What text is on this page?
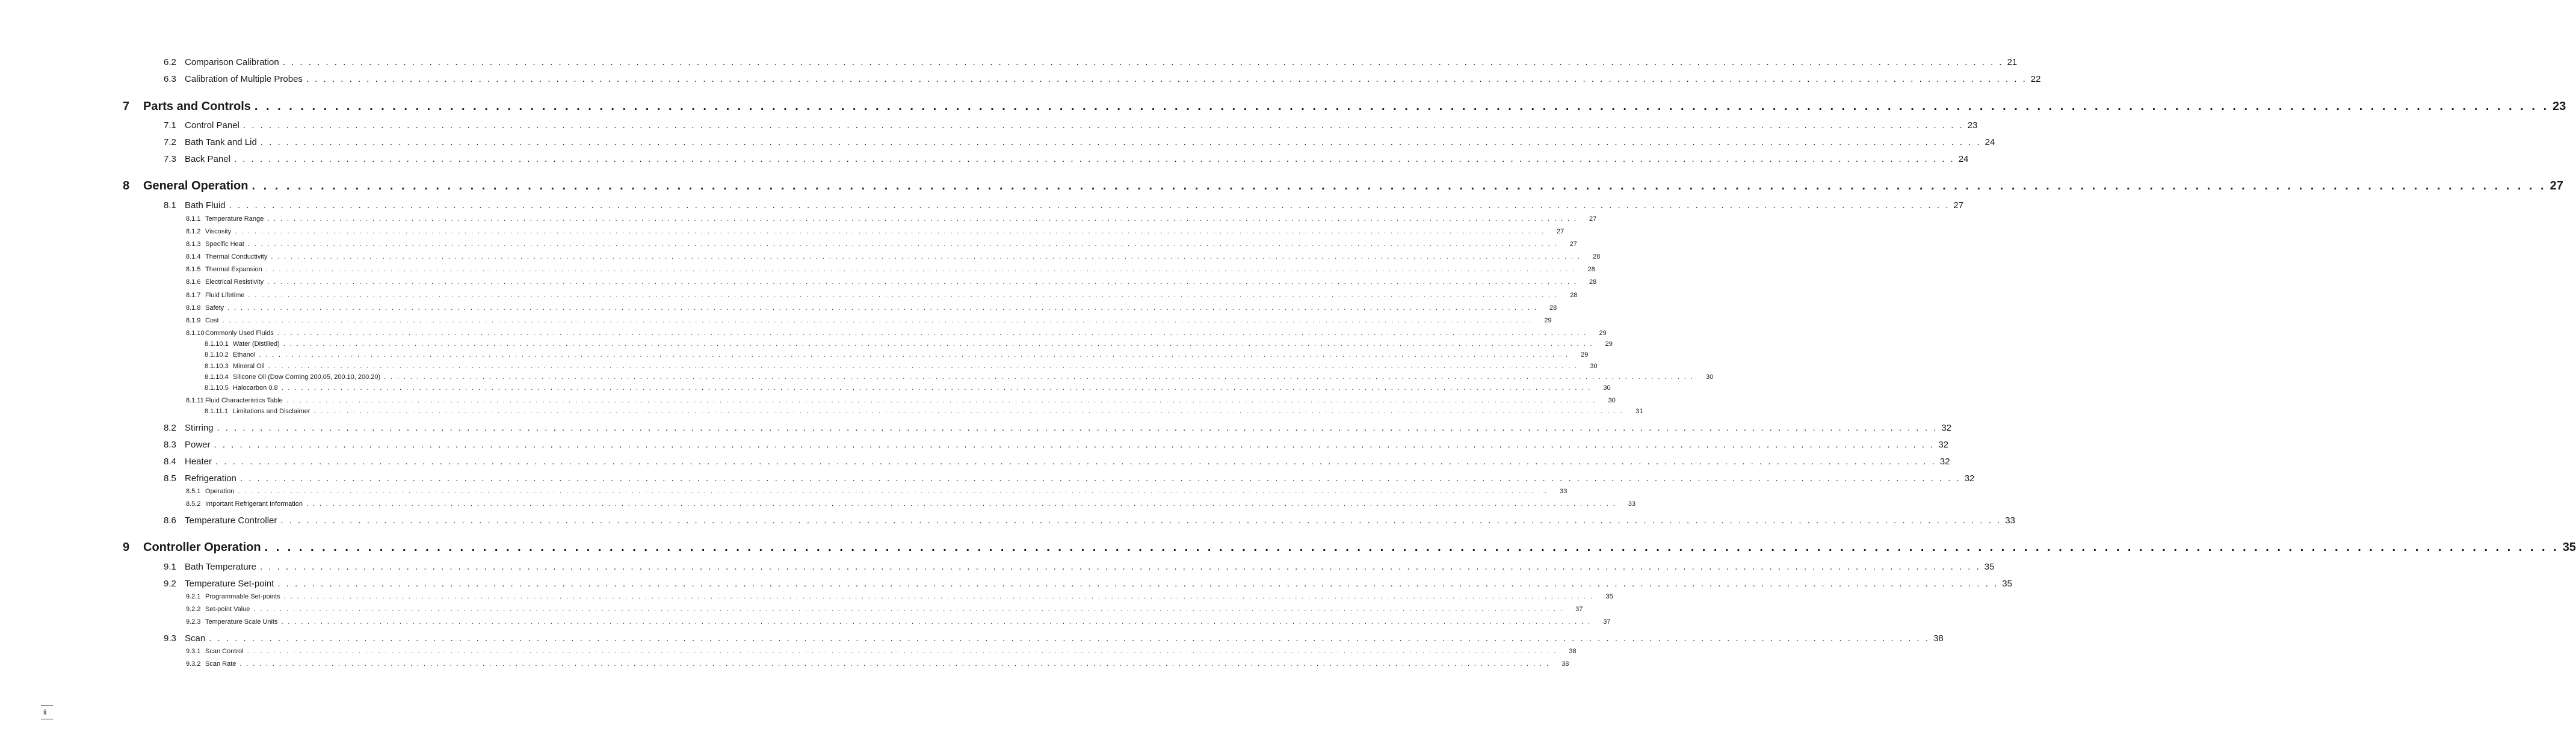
6.2 Comparison Calibration . . . . . . . . . . . . . . . . . . . . . . . . . . . . . . . . . . . . . . . . . . . . . . . . . . . . . . . . . . . . . . . . . . . . . . . . . . . . . . . . . . . . . . . . . . . . . . . . . . . . . . . . . . . . . . . . . . . . . . . . . . . . . . . . . . . . . . . . . . . . . . . . . . . . . . . . . . . . . . . . . . . . . . . . . . . . . . . . . . . . . . . . . . . . . . . . . . . . . . . . 21
6.3 Calibration of Multiple Probes . . . . . . . . . . . . . . . . . . . . . . . . . . . . . . . . . . . . . . . . . . . . . . . . . . . . . . . . . . . . . . . . . . . . . . . . . . . . . . . . . . . . . . . . . . . . . . . . . . . . . . . . . . . . . . . . . . . . . . . . . . . . . . . . . . . . . . . . . . . . . . . . . . . . . . . . . . . . . . . . . . . . . . . . . . . . . . . . . . . . . . . . . . . . . . . . . . . . . . . . 22
7	Parts and Controls . . . . . . . . . . . . . . . . . . . . . . . . . . . . . . . . . . . . . . . . . . . . . . . . . . . . . . . . . . . . . . . . . . . . . . . . . . . . . . . . . . . . . . . . . . . . . . . . . . . . . . . . . . . . . . . . . . . . . . . . . . . . . . . . . . . . . . . . . . . . . . . . . . . . . . . . . . . . . . . . . . . . . . . . . . . . . . . . . . . . . . . . . . . . . . . . . . . . . . . . 23
7.1 Control Panel . . . . . . . . . . . . . . . . . . . . . . . . . . . . . . . . . . . . . . . . . . . . . . . . . . . . . . . . . . . . . . . . . . . . . . . . . . . . . . . . . . . . . . . . . . . . . . . . . . . . . . . . . . . . . . . . . . . . . . . . . . . . . . . . . . . . . . . . . . . . . . . . . . . . . . . . . . . . . . . . . . . . . . . . . . . . . . . . . . . . . . . . . . . . . . . . . . . . . . . . 23
7.2 Bath Tank and Lid . . . . . . . . . . . . . . . . . . . . . . . . . . . . . . . . . . . . . . . . . . . . . . . . . . . . . . . . . . . . . . . . . . . . . . . . . . . . . . . . . . . . . . . . . . . . . . . . . . . . . . . . . . . . . . . . . . . . . . . . . . . . . . . . . . . . . . . . . . . . . . . . . . . . . . . . . . . . . . . . . . . . . . . . . . . . . . . . . . . . . . . . . . . . . . . . . . . . . . . . 24
7.3 Back Panel . . . . . . . . . . . . . . . . . . . . . . . . . . . . . . . . . . . . . . . . . . . . . . . . . . . . . . . . . . . . . . . . . . . . . . . . . . . . . . . . . . . . . . . . . . . . . . . . . . . . . . . . . . . . . . . . . . . . . . . . . . . . . . . . . . . . . . . . . . . . . . . . . . . . . . . . . . . . . . . . . . . . . . . . . . . . . . . . . . . . . . . . . . . . . . . . . . . . . . . . 24
8	General Operation . . . . . . . . . . . . . . . . . . . . . . . . . . . . . . . . . . . . . . . . . . . . . . . . . . . . . . . . . . . . . . . . . . . . . . . . . . . . . . . . . . . . . . . . . . . . . . . . . . . . . . . . . . . . . . . . . . . . . . . . . . . . . . . . . . . . . . . . . . . . . . . . . . . . . . . . . . . . . . . . . . . . . . . . . . . . . . . . . . . . . . . . . . . . . . . . . . . . . . . . 27
8.1 Bath Fluid . . . . . . . . . . . . . . . . . . . . . . . . . . . . . . . . . . . . . . . . . . . . . . . . . . . . . . . . . . . . . . . . . . . . . . . . . . . . . . . . . . . . . . . . . . . . . . . . . . . . . . . . . . . . . . . . . . . . . . . . . . . . . . . . . . . . . . . . . . . . . . . . . . . . . . . . . . . . . . . . . . . . . . . . . . . . . . . . . . . . . . . . . . . . . . . . . . . . . . . . 27
8.1.1 Temperature Range . . . . . . . . . . . . . . . . . . . . . . . . . . . . . . . . . . . . . . . . . . . . . . . . . . . . . . . . . . . . . . . . . . . . . . . . . . . . . . . . . . . . . . . . . . . . . . . . . . . . . . . . . . . . . . . . . . . . . . . . . . . . . . . . . . . . . . . . . . . . . . . . . . . . . . . . . . . . . . . . . . . . . . . . . . . . . . . . . . . . . . . . . . . . . . . . . . . . . . . .	27
8.1.2 Viscosity . . . . . . . . . . . . . . . . . . . . . . . . . . . . . . . . . . . . . . . . . . . . . . . . . . . . . . . . . . . . . . . . . . . . . . . . . . . . . . . . . . . . . . . . . . . . . . . . . . . . . . . . . . . . . . . . . . . . . . . . . . . . . . . . . . . . . . . . . . . . . . . . . . . . . . . . . . . . . . . . . . . . . . . . . . . . . . . . . . . . . . . . . . . . . . . . . . . . . . . .	27
8.1.3 Specific Heat . . . . . . . . . . . . . . . . . . . . . . . . . . . . . . . . . . . . . . . . . . . . . . . . . . . . . . . . . . . . . . . . . . . . . . . . . . . . . . . . . . . . . . . . . . . . . . . . . . . . . . . . . . . . . . . . . . . . . . . . . . . . . . . . . . . . . . . . . . . . . . . . . . . . . . . . . . . . . . . . . . . . . . . . . . . . . . . . . . . . . . . . . . . . . . . . . . . . . . . .	27
8.1.4 Thermal Conductivity . . . . . . . . . . . . . . . . . . . . . . . . . . . . . . . . . . . . . . . . . . . . . . . . . . . . . . . . . . . . . . . . . . . . . . . . . . . . . . . . . . . . . . . . . . . . . . . . . . . . . . . . . . . . . . . . . . . . . . . . . . . . . . . . . . . . . . . . . . . . . . . . . . . . . . . . . . . . . . . . . . . . . . . . . . . . . . . . . . . . . . . . . . . . . . . . . . . . . . . .	28
8.1.5 Thermal Expansion . . . . . . . . . . . . . . . . . . . . . . . . . . . . . . . . . . . . . . . . . . . . . . . . . . . . . . . . . . . . . . . . . . . . . . . . . . . . . . . . . . . . . . . . . . . . . . . . . . . . . . . . . . . . . . . . . . . . . . . . . . . . . . . . . . . . . . . . . . . . . . . . . . . . . . . . . . . . . . . . . . . . . . . . . . . . . . . . . . . . . . . . . . . . . . . . . . . . . . . .	28
8.1.6 Electrical Resistivity . . . . . . . . . . . . . . . . . . . . . . . . . . . . . . . . . . . . . . . . . . . . . . . . . . . . . . . . . . . . . . . . . . . . . . . . . . . . . . . . . . . . . . . . . . . . . . . . . . . . . . . . . . . . . . . . . . . . . . . . . . . . . . . . . . . . . . . . . . . . . . . . . . . . . . . . . . . . . . . . . . . . . . . . . . . . . . . . . . . . . . . . . . . . . . . . . . . . . . . .	28
8.1.7 Fluid Lifetime . . . . . . . . . . . . . . . . . . . . . . . . . . . . . . . . . . . . . . . . . . . . . . . . . . . . . . . . . . . . . . . . . . . . . . . . . . . . . . . . . . . . . . . . . . . . . . . . . . . . . . . . . . . . . . . . . . . . . . . . . . . . . . . . . . . . . . . . . . . . . . . . . . . . . . . . . . . . . . . . . . . . . . . . . . . . . . . . . . . . . . . . . . . . . . . . . . . . . . . .	28
8.1.8 Safety . . . . . . . . . . . . . . . . . . . . . . . . . . . . . . . . . . . . . . . . . . . . . . . . . . . . . . . . . . . . . . . . . . . . . . . . . . . . . . . . . . . . . . . . . . . . . . . . . . . . . . . . . . . . . . . . . . . . . . . . . . . . . . . . . . . . . . . . . . . . . . . . . . . . . . . . . . . . . . . . . . . . . . . . . . . . . . . . . . . . . . . . . . . . . . . . . . . . . . . .	28
8.1.9 Cost . . . . . . . . . . . . . . . . . . . . . . . . . . . . . . . . . . . . . . . . . . . . . . . . . . . . . . . . . . . . . . . . . . . . . . . . . . . . . . . . . . . . . . . . . . . . . . . . . . . . . . . . . . . . . . . . . . . . . . . . . . . . . . . . . . . . . . . . . . . . . . . . . . . . . . . . . . . . . . . . . . . . . . . . . . . . . . . . . . . . . . . . . . . . . . . . . . . . . . . .	29
8.1.10 Commonly Used Fluids . . . . . . . . . . . . . . . . . . . . . . . . . . . . . . . . . . . . . . . . . . . . . . . . . . . . . . . . . . . . . . . . . . . . . . . . . . . . . . . . . . . . . . . . . . . . . . . . . . . . . . . . . . . . . . . . . . . . . . . . . . . . . . . . . . . . . . . . . . . . . . . . . . . . . . . . . . . . . . . . . . . . . . . . . . . . . . . . . . . . . . . . . . . . . . . . . . . . . . . .	29
8.1.10.1 Water (Distilled) . . . . . . . . . . . . . . . . . . . . . . . . . . . . . . . . . . . . . . . . . . . . . . . . . . . . . . . . . . . . . . . . . . . . . . . . . . . . . . . . . . . . . . . . . . . . . . . . . . . . . . . . . . . . . . . . . . . . . . . . . . . . . . . . . . . . . . . . . . . . . . . . . . . . . . . . . . . . . . . . . . . . . . . . . . . . . . . . . . . . . . . . . . . . . . . . . . . . . . . .	29
8.1.10.2 Ethanol . . . . . . . . . . . . . . . . . . . . . . . . . . . . . . . . . . . . . . . . . . . . . . . . . . . . . . . . . . . . . . . . . . . . . . . . . . . . . . . . . . . . . . . . . . . . . . . . . . . . . . . . . . . . . . . . . . . . . . . . . . . . . . . . . . . . . . . . . . . . . . . . . . . . . . . . . . . . . . . . . . . . . . . . . . . . . . . . . . . . . . . . . . . . . . . . . . . . . . . .	29
8.1.10.3 Mineral Oil . . . . . . . . . . . . . . . . . . . . . . . . . . . . . . . . . . . . . . . . . . . . . . . . . . . . . . . . . . . . . . . . . . . . . . . . . . . . . . . . . . . . . . . . . . . . . . . . . . . . . . . . . . . . . . . . . . . . . . . . . . . . . . . . . . . . . . . . . . . . . . . . . . . . . . . . . . . . . . . . . . . . . . . . . . . . . . . . . . . . . . . . . . . . . . . . . . . . . . . .	30
8.1.10.4 Silicone Oil (Dow Corning 200.05, 200.10, 200.20) . . . . . . . . . . . . . . . . . . . . . . . . . . . . . . . . . . . . . . . . . . . . . . . . . . . . . . . . . . . . . . . . . . . . . . . . . . . . . . . . . . . . . . . . . . . . . . . . . . . . . . . . . . . . . . . . . . . . . . . . . . . . . . . . . . . . . . . . . . . . . . . . . . . . . . . . . . . . . . . . . . . . . . . . . . . . . . . . . . . . . . . . . . . . . . . . . . . . . . . .	30
8.1.10.5 Halocarbon 0.8 . . . . . . . . . . . . . . . . . . . . . . . . . . . . . . . . . . . . . . . . . . . . . . . . . . . . . . . . . . . . . . . . . . . . . . . . . . . . . . . . . . . . . . . . . . . . . . . . . . . . . . . . . . . . . . . . . . . . . . . . . . . . . . . . . . . . . . . . . . . . . . . . . . . . . . . . . . . . . . . . . . . . . . . . . . . . . . . . . . . . . . . . . . . . . . . . . . . . . . . .	30
8.1.11 Fluid Characteristics Table . . . . . . . . . . . . . . . . . . . . . . . . . . . . . . . . . . . . . . . . . . . . . . . . . . . . . . . . . . . . . . . . . . . . . . . . . . . . . . . . . . . . . . . . . . . . . . . . . . . . . . . . . . . . . . . . . . . . . . . . . . . . . . . . . . . . . . . . . . . . . . . . . . . . . . . . . . . . . . . . . . . . . . . . . . . . . . . . . . . . . . . . . . . . . . . . . . . . . . . .	30
8.1.11.1 Limitations and Disclaimer . . . . . . . . . . . . . . . . . . . . . . . . . . . . . . . . . . . . . . . . . . . . . . . . . . . . . . . . . . . . . . . . . . . . . . . . . . . . . . . . . . . . . . . . . . . . . . . . . . . . . . . . . . . . . . . . . . . . . . . . . . . . . . . . . . . . . . . . . . . . . . . . . . . . . . . . . . . . . . . . . . . . . . . . . . . . . . . . . . . . . . . . . . . . . . . . . . . . . . . .	31
8.2 Stirring . . . . . . . . . . . . . . . . . . . . . . . . . . . . . . . . . . . . . . . . . . . . . . . . . . . . . . . . . . . . . . . . . . . . . . . . . . . . . . . . . . . . . . . . . . . . . . . . . . . . . . . . . . . . . . . . . . . . . . . . . . . . . . . . . . . . . . . . . . . . . . . . . . . . . . . . . . . . . . . . . . . . . . . . . . . . . . . . . . . . . . . . . . . . . . . . . . . . . . . . 32
8.3 Power . . . . . . . . . . . . . . . . . . . . . . . . . . . . . . . . . . . . . . . . . . . . . . . . . . . . . . . . . . . . . . . . . . . . . . . . . . . . . . . . . . . . . . . . . . . . . . . . . . . . . . . . . . . . . . . . . . . . . . . . . . . . . . . . . . . . . . . . . . . . . . . . . . . . . . . . . . . . . . . . . . . . . . . . . . . . . . . . . . . . . . . . . . . . . . . . . . . . . . . . 32
8.4 Heater . . . . . . . . . . . . . . . . . . . . . . . . . . . . . . . . . . . . . . . . . . . . . . . . . . . . . . . . . . . . . . . . . . . . . . . . . . . . . . . . . . . . . . . . . . . . . . . . . . . . . . . . . . . . . . . . . . . . . . . . . . . . . . . . . . . . . . . . . . . . . . . . . . . . . . . . . . . . . . . . . . . . . . . . . . . . . . . . . . . . . . . . . . . . . . . . . . . . . . . . 32
8.5 Refrigeration . . . . . . . . . . . . . . . . . . . . . . . . . . . . . . . . . . . . . . . . . . . . . . . . . . . . . . . . . . . . . . . . . . . . . . . . . . . . . . . . . . . . . . . . . . . . . . . . . . . . . . . . . . . . . . . . . . . . . . . . . . . . . . . . . . . . . . . . . . . . . . . . . . . . . . . . . . . . . . . . . . . . . . . . . . . . . . . . . . . . . . . . . . . . . . . . . . . . . . . . 32
8.5.1 Operation . . . . . . . . . . . . . . . . . . . . . . . . . . . . . . . . . . . . . . . . . . . . . . . . . . . . . . . . . . . . . . . . . . . . . . . . . . . . . . . . . . . . . . . . . . . . . . . . . . . . . . . . . . . . . . . . . . . . . . . . . . . . . . . . . . . . . . . . . . . . . . . . . . . . . . . . . . . . . . . . . . . . . . . . . . . . . . . . . . . . . . . . . . . . . . . . . . . . . . . .	33
8.5.2 Important Refrigerant Information . . . . . . . . . . . . . . . . . . . . . . . . . . . . . . . . . . . . . . . . . . . . . . . . . . . . . . . . . . . . . . . . . . . . . . . . . . . . . . . . . . . . . . . . . . . . . . . . . . . . . . . . . . . . . . . . . . . . . . . . . . . . . . . . . . . . . . . . . . . . . . . . . . . . . . . . . . . . . . . . . . . . . . . . . . . . . . . . . . . . . . . . . . . . . . . . . . . . . . . .	33
8.6 Temperature Controller . . . . . . . . . . . . . . . . . . . . . . . . . . . . . . . . . . . . . . . . . . . . . . . . . . . . . . . . . . . . . . . . . . . . . . . . . . . . . . . . . . . . . . . . . . . . . . . . . . . . . . . . . . . . . . . . . . . . . . . . . . . . . . . . . . . . . . . . . . . . . . . . . . . . . . . . . . . . . . . . . . . . . . . . . . . . . . . . . . . . . . . . . . . . . . . . . . . . . . . . 33
9	Controller Operation . . . . . . . . . . . . . . . . . . . . . . . . . . . . . . . . . . . . . . . . . . . . . . . . . . . . . . . . . . . . . . . . . . . . . . . . . . . . . . . . . . . . . . . . . . . . . . . . . . . . . . . . . . . . . . . . . . . . . . . . . . . . . . . . . . . . . . . . . . . . . . . . . . . . . . . . . . . . . . . . . . . . . . . . . . . . . . . . . . . . . . . . . . . . . . . . . . . . . . . . 35
9.1 Bath Temperature . . . . . . . . . . . . . . . . . . . . . . . . . . . . . . . . . . . . . . . . . . . . . . . . . . . . . . . . . . . . . . . . . . . . . . . . . . . . . . . . . . . . . . . . . . . . . . . . . . . . . . . . . . . . . . . . . . . . . . . . . . . . . . . . . . . . . . . . . . . . . . . . . . . . . . . . . . . . . . . . . . . . . . . . . . . . . . . . . . . . . . . . . . . . . . . . . . . . . . . . 35
9.2 Temperature Set-point . . . . . . . . . . . . . . . . . . . . . . . . . . . . . . . . . . . . . . . . . . . . . . . . . . . . . . . . . . . . . . . . . . . . . . . . . . . . . . . . . . . . . . . . . . . . . . . . . . . . . . . . . . . . . . . . . . . . . . . . . . . . . . . . . . . . . . . . . . . . . . . . . . . . . . . . . . . . . . . . . . . . . . . . . . . . . . . . . . . . . . . . . . . . . . . . . . . . . . . . 35
9.2.1 Programmable Set-points . . . . . . . . . . . . . . . . . . . . . . . . . . . . . . . . . . . . . . . . . . . . . . . . . . . . . . . . . . . . . . . . . . . . . . . . . . . . . . . . . . . . . . . . . . . . . . . . . . . . . . . . . . . . . . . . . . . . . . . . . . . . . . . . . . . . . . . . . . . . . . . . . . . . . . . . . . . . . . . . . . . . . . . . . . . . . . . . . . . . . . . . . . . . . . . . . . . . . . . .	35
9.2.2 Set-point Value . . . . . . . . . . . . . . . . . . . . . . . . . . . . . . . . . . . . . . . . . . . . . . . . . . . . . . . . . . . . . . . . . . . . . . . . . . . . . . . . . . . . . . . . . . . . . . . . . . . . . . . . . . . . . . . . . . . . . . . . . . . . . . . . . . . . . . . . . . . . . . . . . . . . . . . . . . . . . . . . . . . . . . . . . . . . . . . . . . . . . . . . . . . . . . . . . . . . . . . .	37
9.2.3 Temperature Scale Units . . . . . . . . . . . . . . . . . . . . . . . . . . . . . . . . . . . . . . . . . . . . . . . . . . . . . . . . . . . . . . . . . . . . . . . . . . . . . . . . . . . . . . . . . . . . . . . . . . . . . . . . . . . . . . . . . . . . . . . . . . . . . . . . . . . . . . . . . . . . . . . . . . . . . . . . . . . . . . . . . . . . . . . . . . . . . . . . . . . . . . . . . . . . . . . . . . . . . . . .	37
9.3 Scan . . . . . . . . . . . . . . . . . . . . . . . . . . . . . . . . . . . . . . . . . . . . . . . . . . . . . . . . . . . . . . . . . . . . . . . . . . . . . . . . . . . . . . . . . . . . . . . . . . . . . . . . . . . . . . . . . . . . . . . . . . . . . . . . . . . . . . . . . . . . . . . . . . . . . . . . . . . . . . . . . . . . . . . . . . . . . . . . . . . . . . . . . . . . . . . . . . . . . . . . 38
9.3.1 Scan Control . . . . . . . . . . . . . . . . . . . . . . . . . . . . . . . . . . . . . . . . . . . . . . . . . . . . . . . . . . . . . . . . . . . . . . . . . . . . . . . . . . . . . . . . . . . . . . . . . . . . . . . . . . . . . . . . . . . . . . . . . . . . . . . . . . . . . . . . . . . . . . . . . . . . . . . . . . . . . . . . . . . . . . . . . . . . . . . . . . . . . . . . . . . . . . . . . . . . . . . .	38
9.3.2 Scan Rate . . . . . . . . . . . . . . . . . . . . . . . . . . . . . . . . . . . . . . . . . . . . . . . . . . . . . . . . . . . . . . . . . . . . . . . . . . . . . . . . . . . . . . . . . . . . . . . . . . . . . . . . . . . . . . . . . . . . . . . . . . . . . . . . . . . . . . . . . . . . . . . . . . . . . . . . . . . . . . . . . . . . . . . . . . . . . . . . . . . . . . . . . . . . . . . . . . . . . . . .	38
ii
